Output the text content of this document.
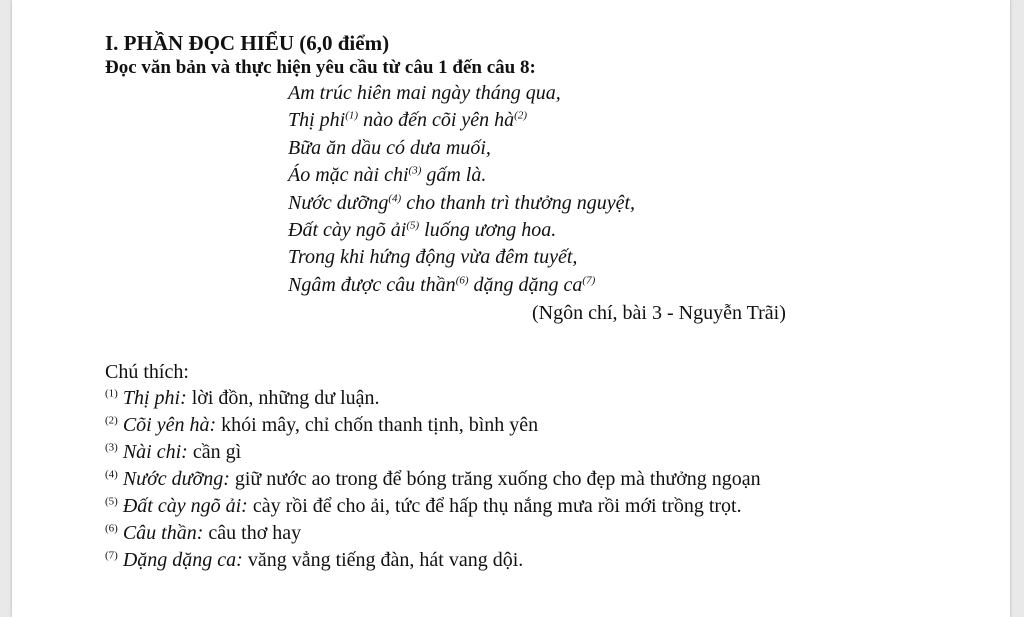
I. PHẦN ĐỌC HIỂU (6,0 điểm)

Đọc văn bản và thực hiện yêu cầu từ câu 1 đến câu 8:

Am trúc hiên mai ngày tháng qua,
Thị phi$^{(1)}$ nào đến cõi yên $hà^{(2)}$
Bữa ăn dầu có dưa muối,
Áo mặc nài chi$^{(3)}$ gấm là.
Nước dưỡng$^{(4)}$ cho thanh trì thưởng nguyệt,
Đất cày ngõ ải$^{(5)}$ luống ương hoa.
Trong khi hứng động vừa đêm tuyết,
Ngâm được câu thần$^{(6)}$ dặng dặng $ca^{(7)}$

(Ngôn chí, bài 3 - Nguyễn Trãi)

Chú thích:

$^{(1)}$ Thị phi: lời đồn, những dư luận.
$^{(2)}$ Cõi yên hà: khói mây, chỉ chốn thanh tịnh, bình yên
$^{(3)}$ Nài chi: cần gì
$^{(4)}$ Nước dưỡng: giữ nước ao trong để bóng trăng xuống cho đẹp mà thưởng ngoạn
$^{(5)}$ Đất cày ngõ ải: cày rồi để cho ải, tức để hấp thụ nắng mưa rồi mới trồng trọt.
$^{(6)}$ Câu thần: câu thơ hay
$^{(7)}$ Dặng dặng ca: văng vẳng tiếng đàn, hát vang dội.
